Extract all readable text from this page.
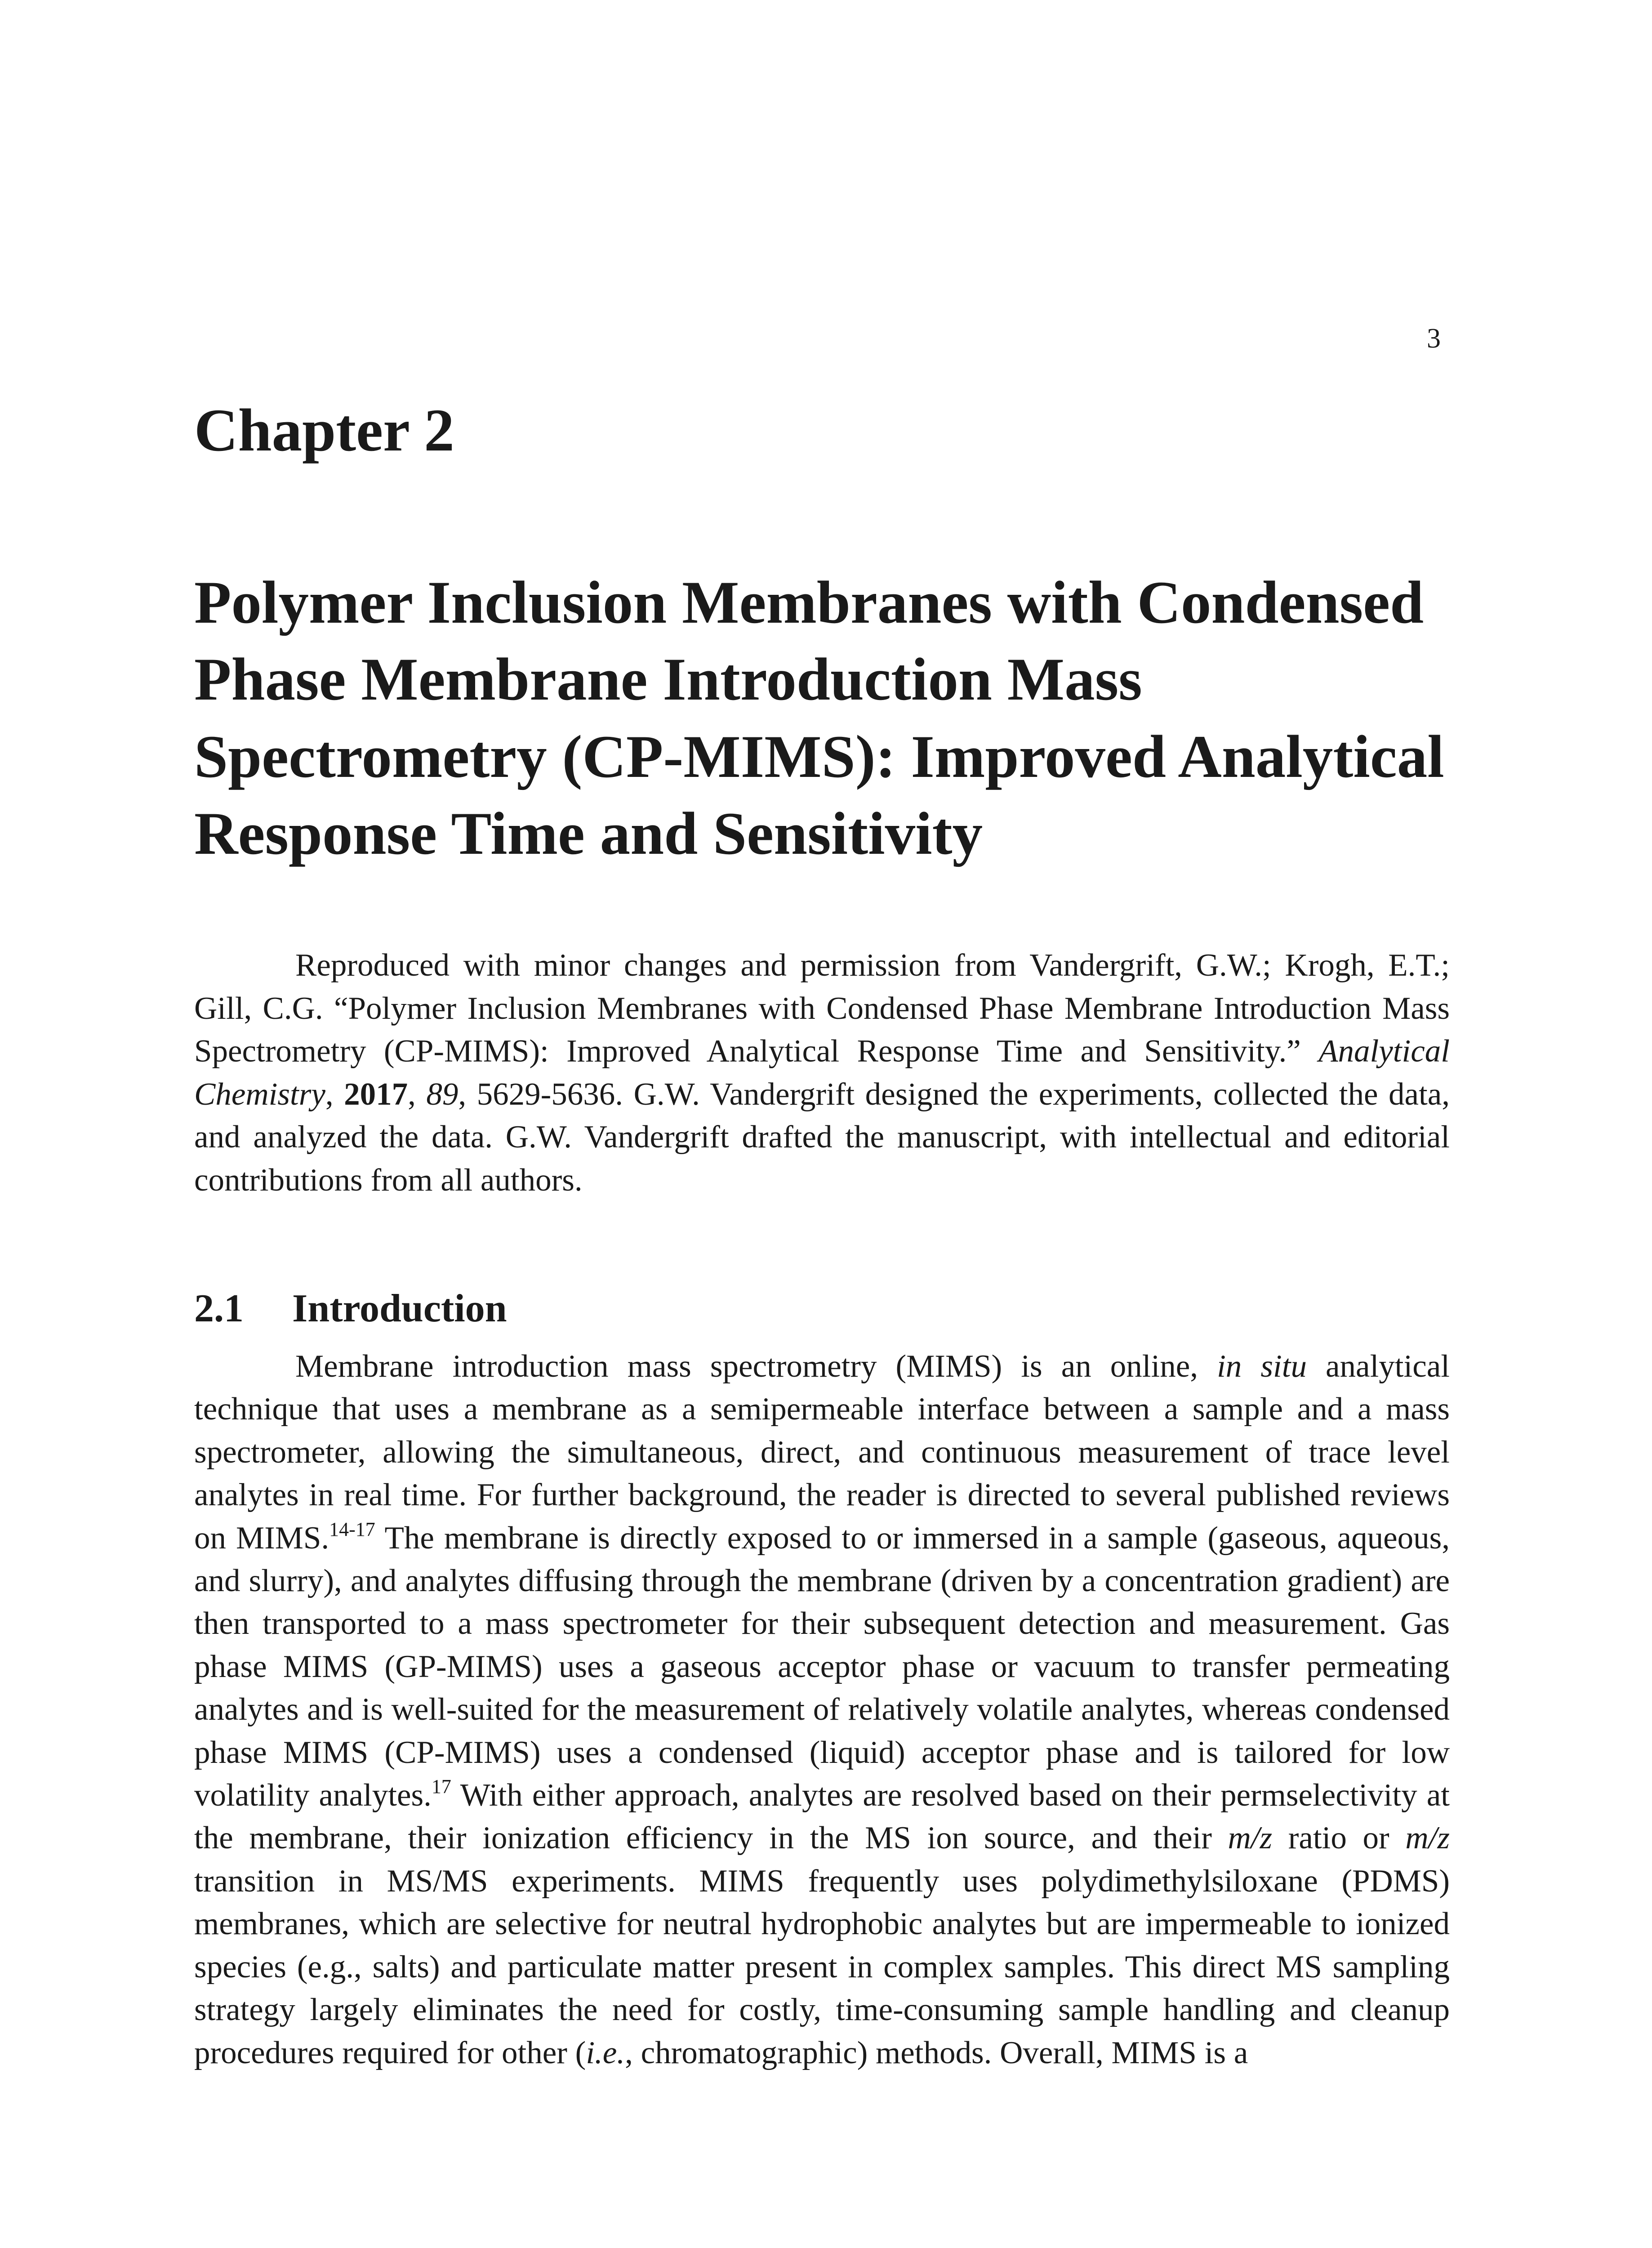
3
Chapter 2
Polymer Inclusion Membranes with Condensed Phase Membrane Introduction Mass Spectrometry (CP-MIMS): Improved Analytical Response Time and Sensitivity

Reproduced with minor changes and permission from Vandergrift, G.W.; Krogh, E.T.; Gill, C.G. “Polymer Inclusion Membranes with Condensed Phase Membrane Introduction Mass Spectrometry (CP-MIMS): Improved Analytical Response Time and Sensitivity.” Analytical Chemistry, 2017, 89, 5629-5636. G.W. Vandergrift designed the experiments, collected the data, and analyzed the data. G.W. Vandergrift drafted the manuscript, with intellectual and editorial contributions from all authors.

2.1 Introduction

Membrane introduction mass spectrometry (MIMS) is an online, in situ analytical technique that uses a membrane as a semipermeable interface between a sample and a mass spectrometer, allowing the simultaneous, direct, and continuous measurement of trace level analytes in real time. For further background, the reader is directed to several published reviews on MIMS.$^{14-17}$ The membrane is directly exposed to or immersed in a sample (gaseous, aqueous, and slurry), and analytes diffusing through the membrane (driven by a concentration gradient) are then transported to a mass spectrometer for their subsequent detection and measurement. Gas phase MIMS (GP-MIMS) uses a gaseous acceptor phase or vacuum to transfer permeating analytes and is well-suited for the measurement of relatively volatile analytes, whereas condensed phase MIMS (CP-MIMS) uses a condensed (liquid) acceptor phase and is tailored for low volatility analytes.$^{17}$ With either approach, analytes are resolved based on their permselectivity at the membrane, their ionization efficiency in the MS ion source, and their m/z ratio or m/z transition in MS/MS experiments. MIMS frequently uses polydimethylsiloxane (PDMS) membranes, which are selective for neutral hydrophobic analytes but are impermeable to ionized species (e.g., salts) and particulate matter present in complex samples. This direct MS sampling strategy largely eliminates the need for costly, time-consuming sample handling and cleanup procedures required for other (i.e., chromatographic) methods. Overall, MIMS is a
